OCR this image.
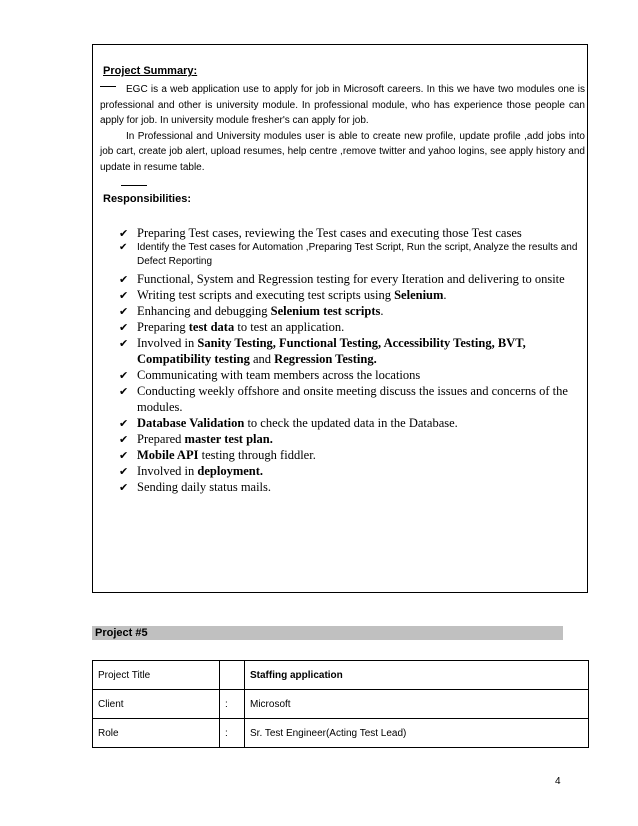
Project Summary:

EGC is a web application use to apply for job in Microsoft careers. In this we have two modules one is professional and other is university module. In professional module, who has experience those people can apply for job. In university module fresher's can apply for job.

In Professional and University modules user is able to create new profile, update profile ,add jobs into job cart, create job alert, upload resumes, help centre ,remove twitter and yahoo logins, see apply history and update in resume table.

Responsibilities:
✔ Preparing Test cases, reviewing the Test cases and executing those Test cases
✔ Identify the Test cases for Automation ,Preparing Test Script, Run the script, Analyze the results and Defect Reporting
✔ Functional, System and Regression testing for every Iteration and delivering to onsite
✔ Writing test scripts and executing test scripts using Selenium.
✔ Enhancing and debugging Selenium test scripts.
✔ Preparing test data to test an application.
✔ Involved in Sanity Testing, Functional Testing, Accessibility Testing, BVT, Compatibility testing and Regression Testing.
✔ Communicating with team members across the locations
✔ Conducting weekly offshore and onsite meeting discuss the issues and concerns of the modules.
✔ Database Validation to check the updated data in the Database.
✔ Prepared master test plan.
✔ Mobile API testing through fiddler.
✔ Involved in deployment.
✔ Sending daily status mails.
Project #5
Project Title		Staffing application
Client	:	Microsoft
Role	:	Sr. Test Engineer(Acting Test Lead)
4
